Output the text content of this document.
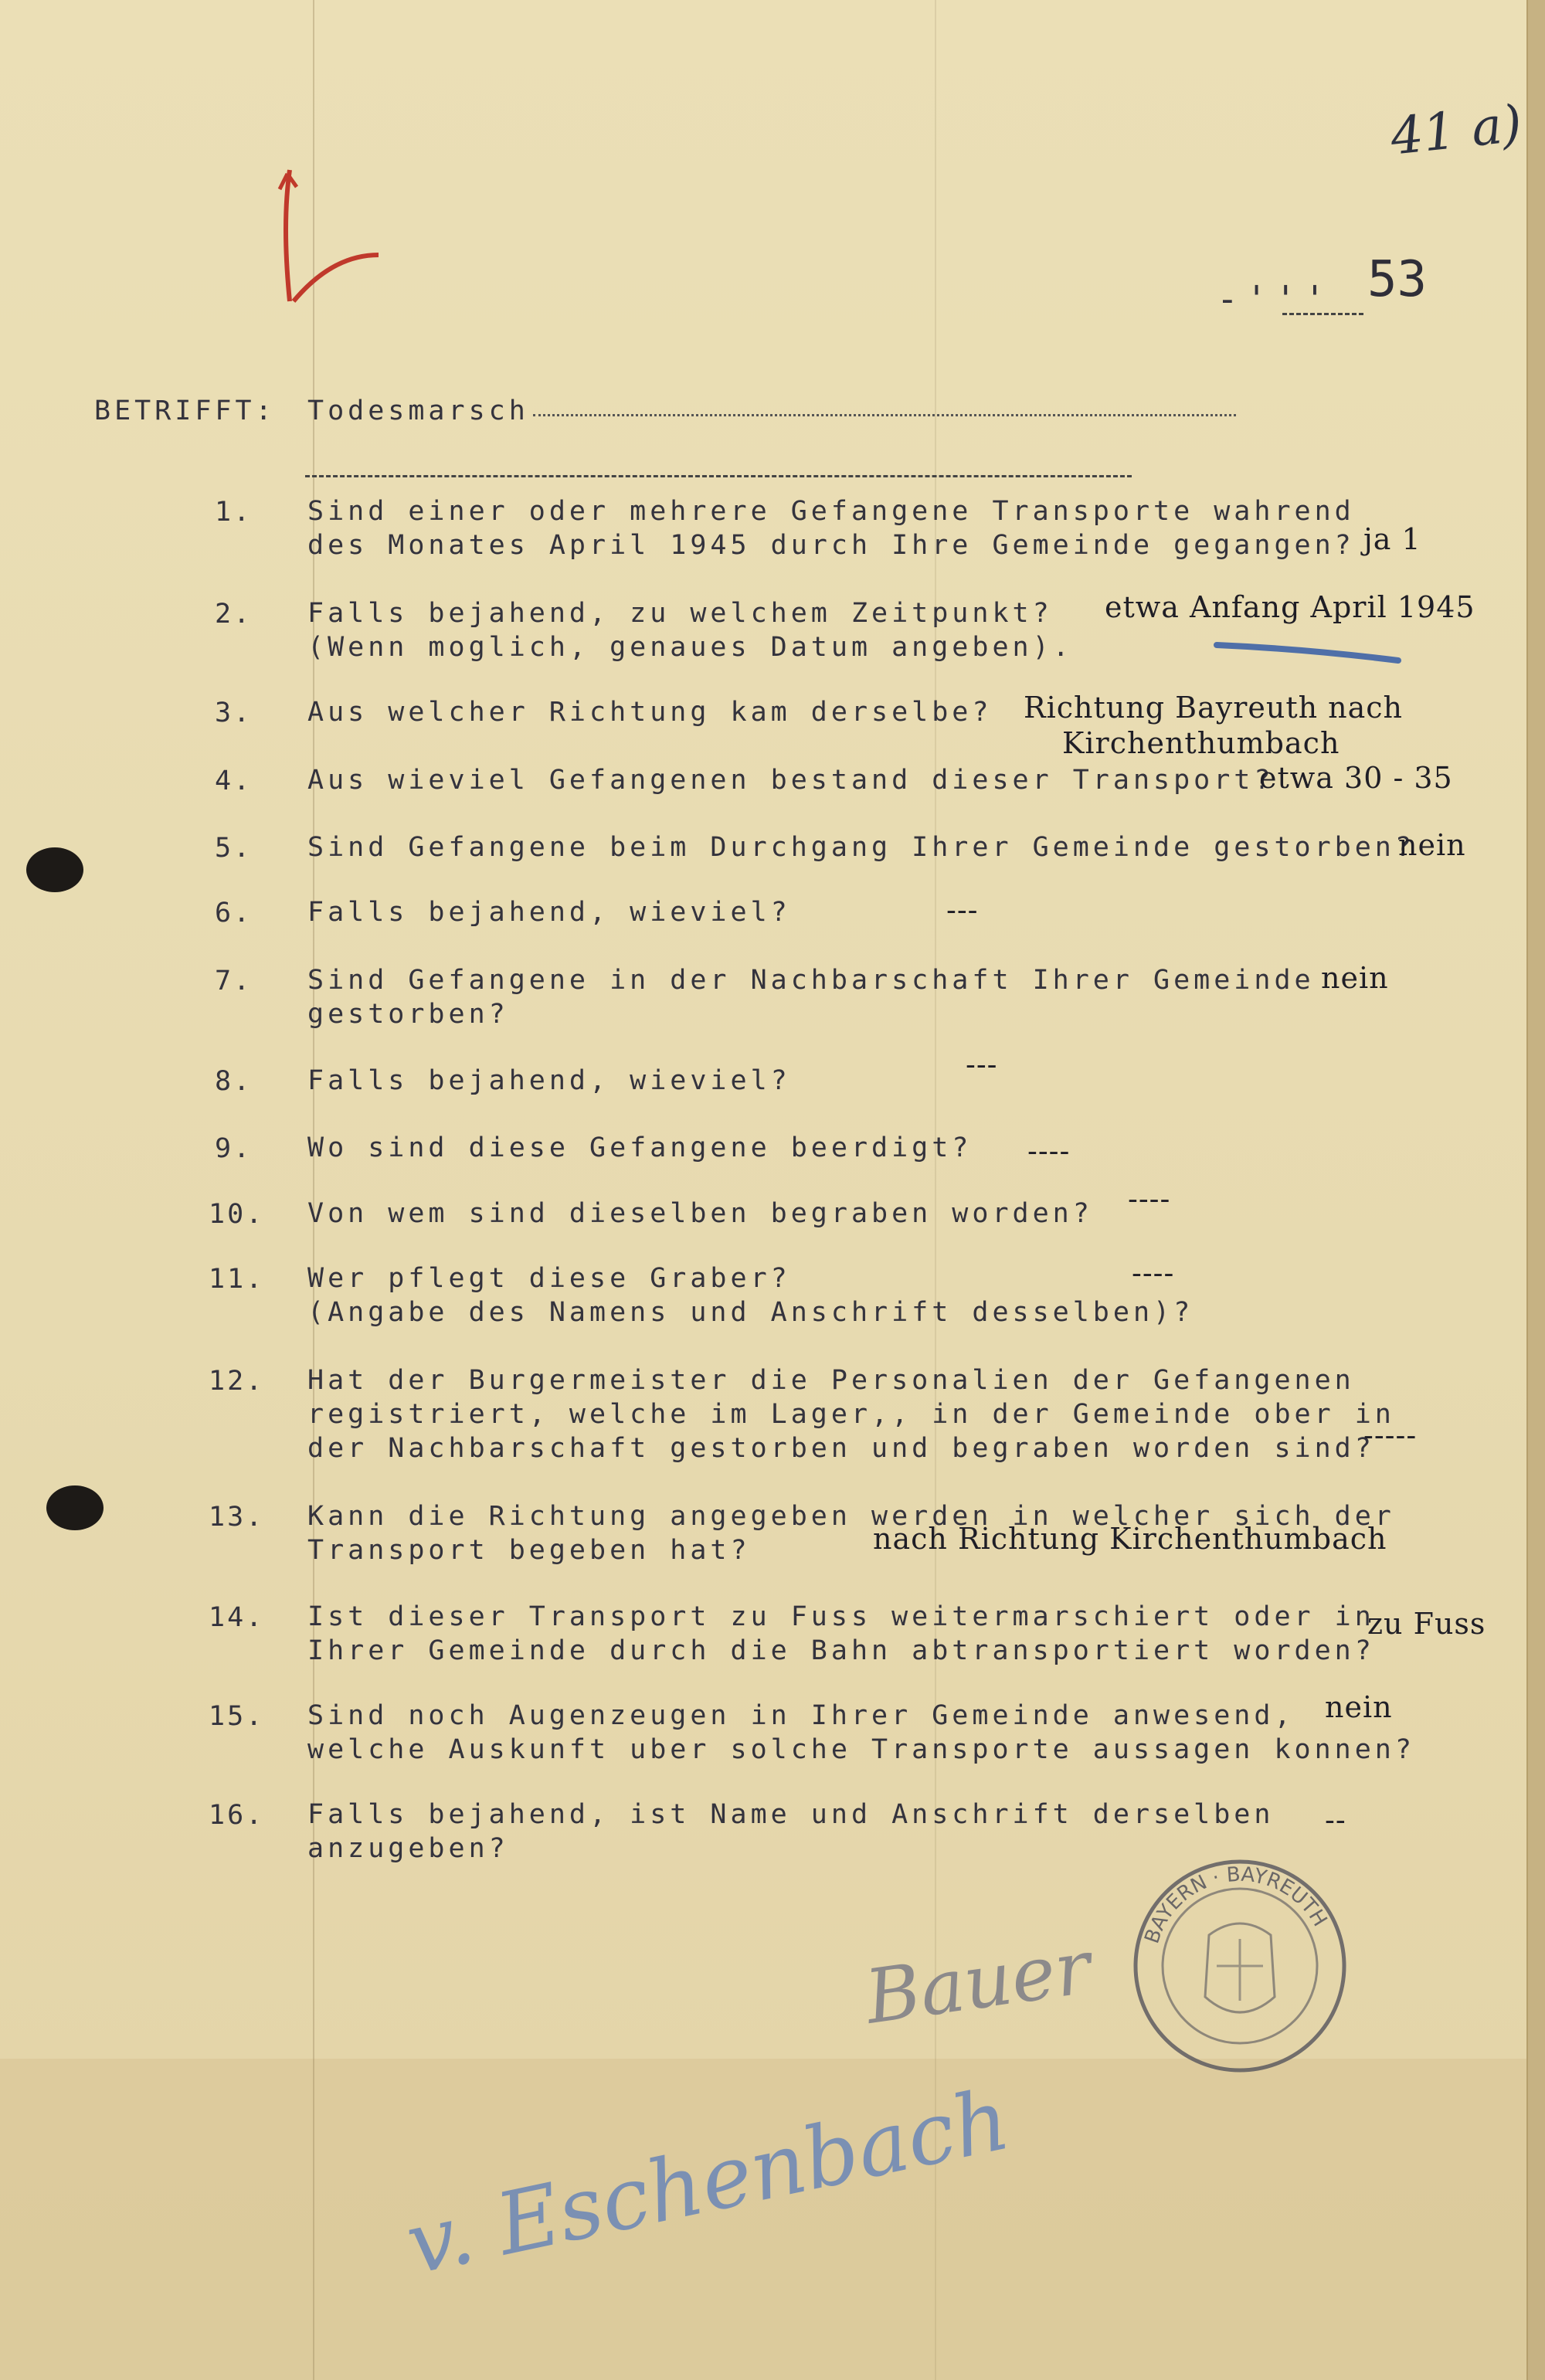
41 a)
-''' 53
BETRIFFT: Todesmarsch
1. Sind einer oder mehrere Gefangene Transporte wahrend
des Monates April 1945 durch Ihre Gemeinde gegangen? ja 1
2. Falls bejahend, zu welchem Zeitpunkt?
(Wenn moglich, genaues Datum angeben).
etwa Anfang April 1945
3. Aus welcher Richtung kam derselbe? Richtung Bayreuth nach
Kirchenthumbach
4. Aus wieviel Gefangenen bestand dieser Transport?
etwa 30 - 35
5. Sind Gefangene beim Durchgang Ihrer Gemeinde gestorben?
nein
6. Falls bejahend, wieviel?	---
7. Sind Gefangene in der Nachbarschaft Ihrer Gemeinde
gestorben?
nein
8. Falls bejahend, wieviel?	---
9. Wo sind diese Gefangene beerdigt? ----
10. Von wem sind dieselben begraben worden? ----
11. Wer pflegt diese Graber?
(Angabe des Namens und Anschrift desselben)?
----
12. Hat der Burgermeister die Personalien der Gefangenen
registriert, welche im Lager,, in der Gemeinde ober in
der Nachbarschaft gestorben und begraben worden sind?
-----
13. Kann die Richtung angegeben werden in welcher sich der
Transport begeben hat?	nach Richtung Kirchenthumbach
14. Ist dieser Transport zu Fuss weitermarschiert oder in
Ihrer Gemeinde durch die Bahn abtransportiert worden?
zu Fuss
15. Sind noch Augenzeugen in Ihrer Gemeinde anwesend,
welche Auskunft uber solche Transporte aussagen konnen?
nein
16. Falls bejahend, ist Name und Anschrift derselben
anzugeben?
--
Bauer BAYERN · BAYREUTH
v. Eschenbach
